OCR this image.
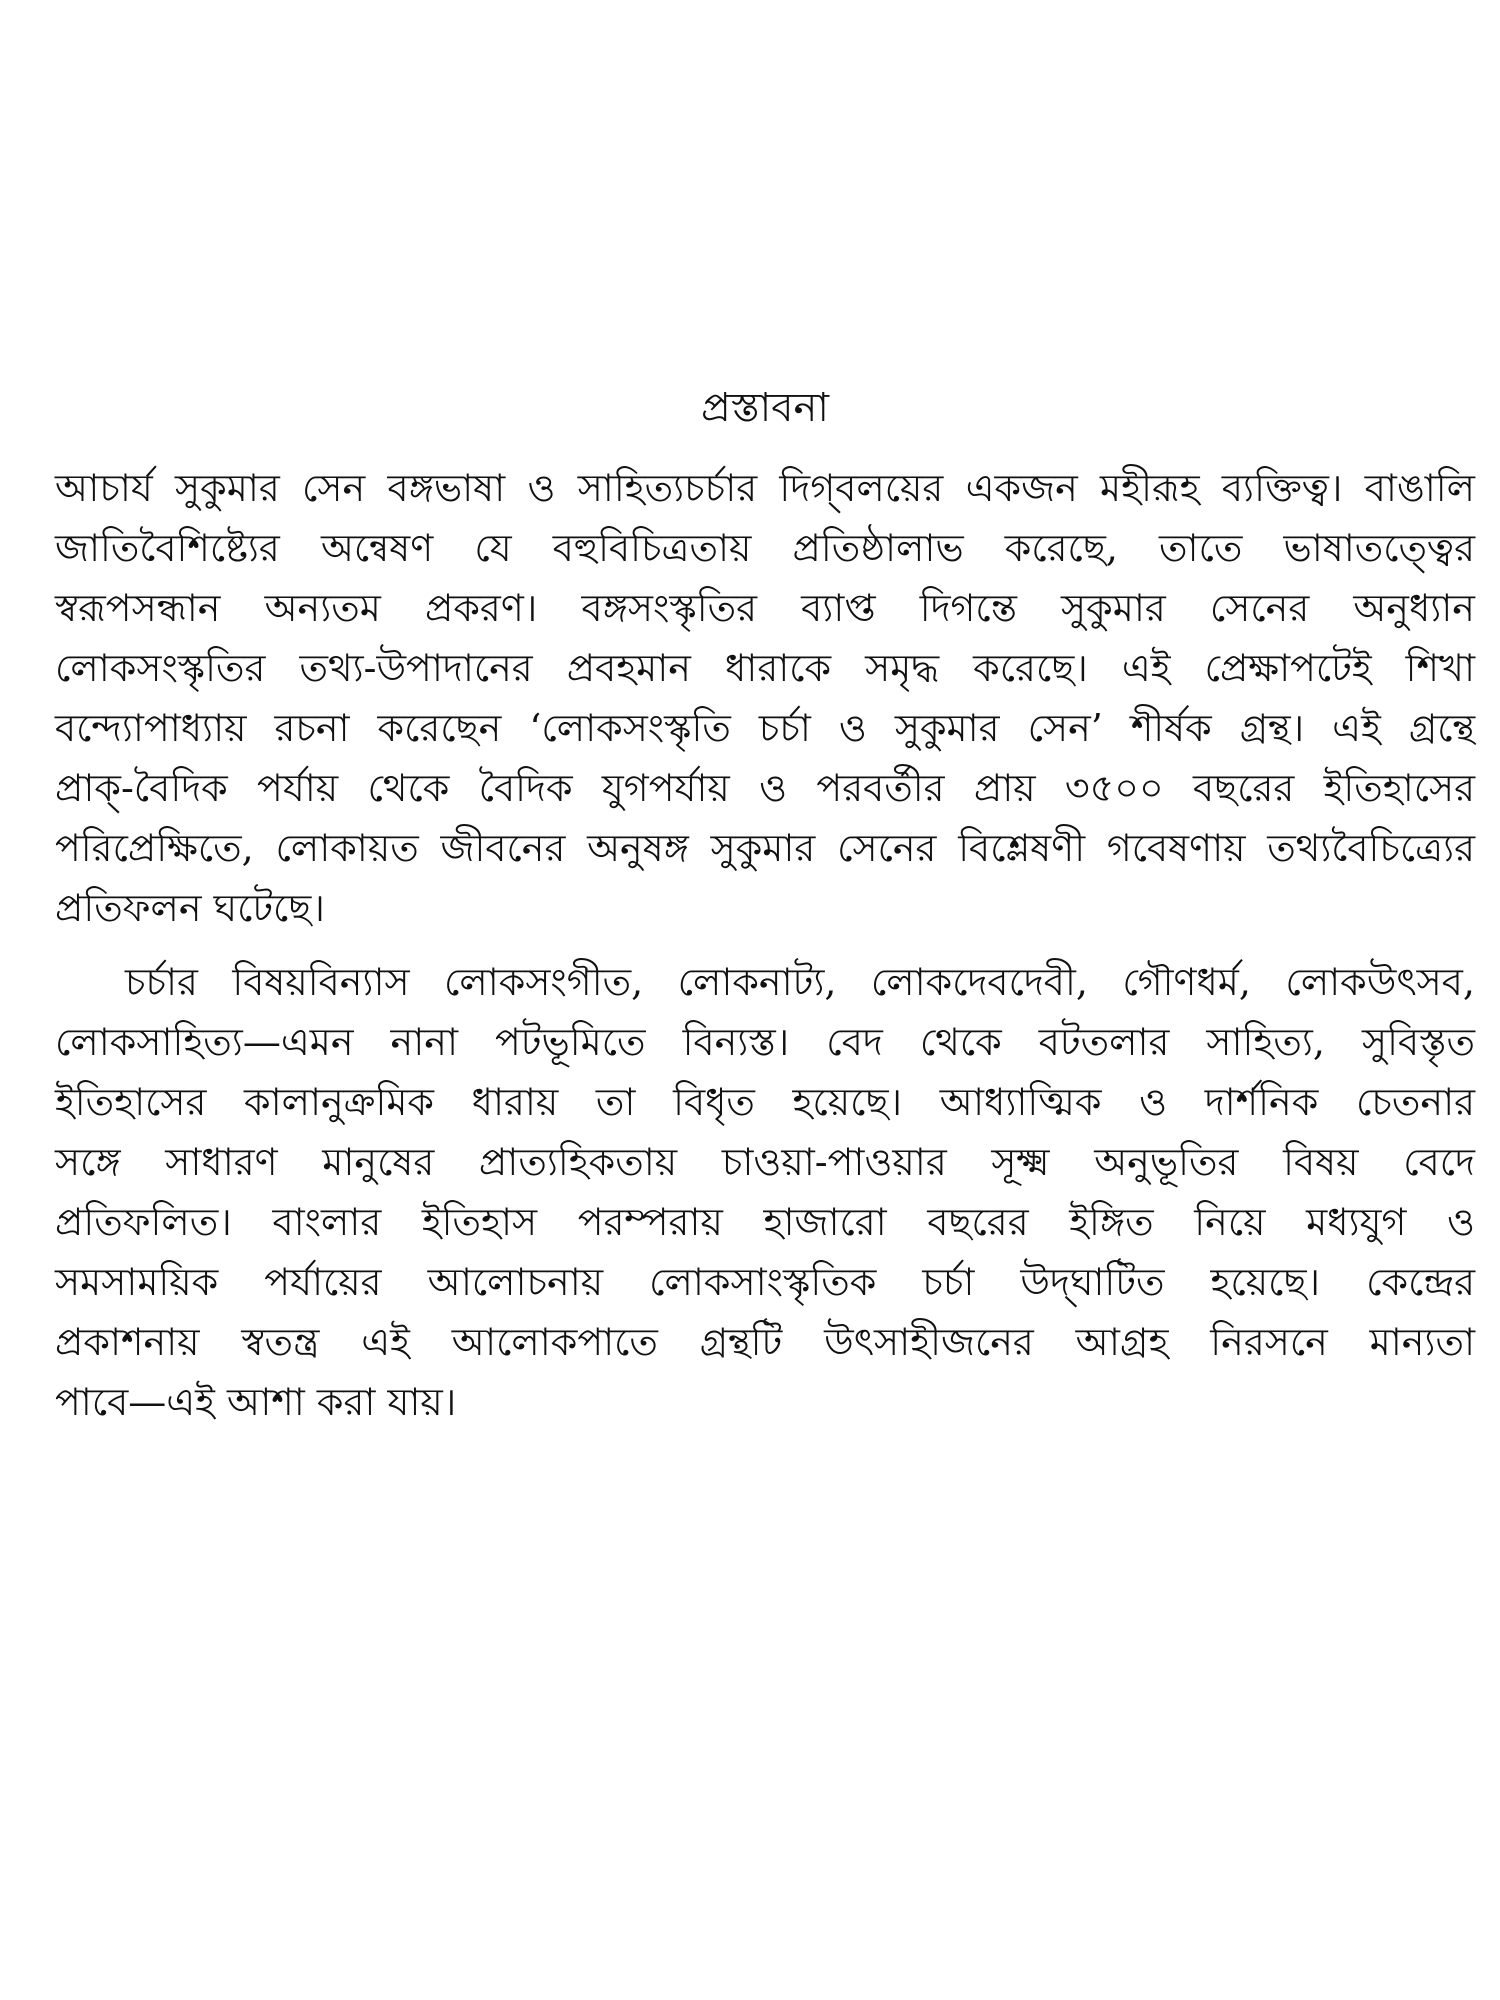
প্রস্তাবনা
আচার্য সুকুমার সেন বঙ্গভাষা ও সাহিত্যচর্চার দিগ্‌বলয়ের একজন মহীরূহ ব্যক্তিত্ব। বাঙালি
জাতিবৈশিষ্ট্যের অন্বেষণ যে বহুবিচিত্রতায় প্রতিষ্ঠালাভ করেছে, তাতে ভাষাতত্ত্বের
স্বরূপসন্ধান অন্যতম প্রকরণ। বঙ্গসংস্কৃতির ব্যাপ্ত দিগন্তে সুকুমার সেনের অনুধ্যান
লোকসংস্কৃতির তথ্য-উপাদানের প্রবহমান ধারাকে সমৃদ্ধ করেছে। এই প্রেক্ষাপটেই শিখা
বন্দ্যোপাধ্যায় রচনা করেছেন ‘লোকসংস্কৃতি চর্চা ও সুকুমার সেন’ শীর্ষক গ্রন্থ। এই গ্রন্থে
প্রাক্-বৈদিক পর্যায় থেকে বৈদিক যুগপর্যায় ও পরবর্তীর প্রায় ৩৫০০ বছরের ইতিহাসের
পরিপ্রেক্ষিতে, লোকায়ত জীবনের অনুষঙ্গ সুকুমার সেনের বিশ্লেষণী গবেষণায় তথ্যবৈচিত্র্যের
প্রতিফলন ঘটেছে।
চর্চার বিষয়বিন্যাস লোকসংগীত, লোকনাট্য, লোকদেবদেবী, গৌণধর্ম, লোকউৎসব,
লোকসাহিত্য—এমন নানা পটভূমিতে বিন্যস্ত। বেদ থেকে বটতলার সাহিত্য, সুবিস্তৃত
ইতিহাসের কালানুক্রমিক ধারায় তা বিধৃত হয়েছে। আধ্যাত্মিক ও দার্শনিক চেতনার
সঙ্গে সাধারণ মানুষের প্রাত্যহিকতায় চাওয়া-পাওয়ার সূক্ষ্ম অনুভূতির বিষয় বেদে
প্রতিফলিত। বাংলার ইতিহাস পরম্পরায় হাজারো বছরের ইঙ্গিত নিয়ে মধ্যযুগ ও
সমসাময়িক পর্যায়ের আলোচনায় লোকসাংস্কৃতিক চর্চা উদ্‌ঘাটিত হয়েছে। কেন্দ্রের
প্রকাশনায় স্বতন্ত্র এই আলোকপাতে গ্রন্থটি উৎসাহীজনের আগ্রহ নিরসনে মান্যতা
পাবে—এই আশা করা যায়।
